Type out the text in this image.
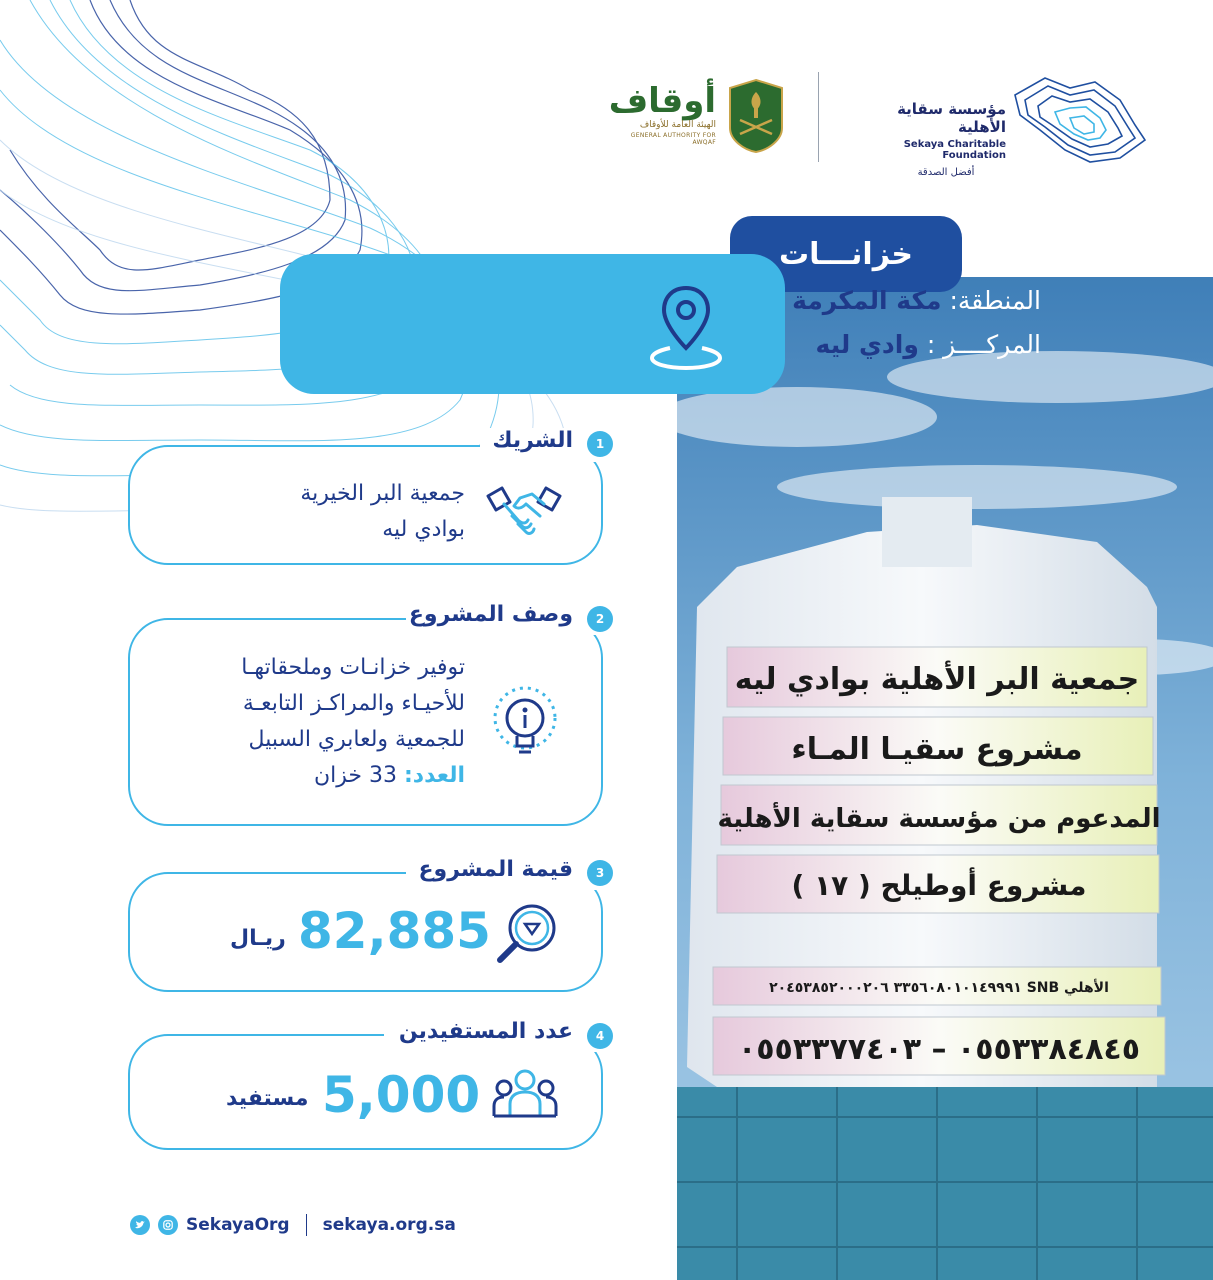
مؤسسة سقاية الأهلية
Sekaya Charitable Foundation
أفضل الصدقة
أوقاف
الهيئة العامة للأوقاف
GENERAL AUTHORITY FOR AWQAF
جمعية البر الأهلية بوادي ليه
مشروع سقيـا المـاء
المدعوم من مؤسسة سقاية الأهلية
مشروع أوطيلح ( ١٧ )
الأهلي SNB ٣٣٥٦٠٨٠١٠١٤٩٩٩١ ٢٠٤٥٣٨٥٢٠٠٠٢٠٦
٠٥٥٣٣٨٤٨٤٥ – ٠٥٥٣٣٧٧٤٠٣
خزانـــات
المنطقة: مكة المكرمة
المركــــز : وادي ليه
الشريك	1
جمعية البر الخيرية
بوادي ليه
وصف المشروع	2
توفير خزانـات وملحقاتهـا
للأحيـاء والمراكـز التابعـة
للجمعية ولعابري السبيل
العدد: 33 خزان
قيمة المشروع	3
82,885
ريـال
عدد المستفيدين	4
5,000
مستفيد
SekayaOrg sekaya.org.sa
